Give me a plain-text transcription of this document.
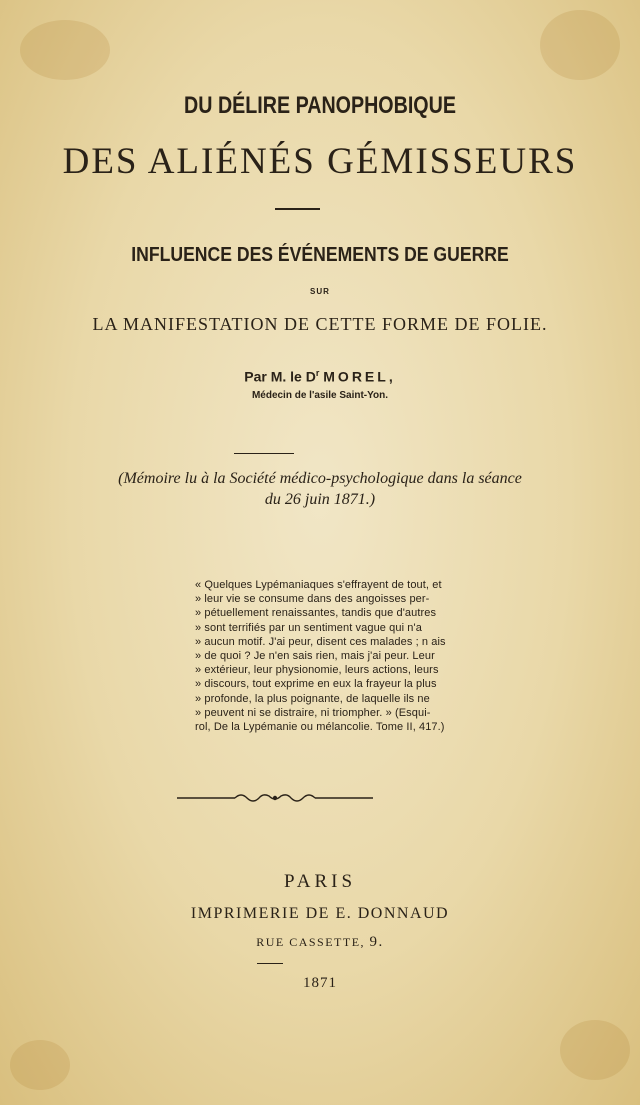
DU DÉLIRE PANOPHOBIQUE
DES ALIÉNÉS GÉMISSEURS
INFLUENCE DES ÉVÉNEMENTS DE GUERRE
SUR
LA MANIFESTATION DE CETTE FORME DE FOLIE.
Par M. le $D^r$ MOREL,
Médecin de l'asile Saint-Yon.
(Mémoire lu à la Société médico-psychologique dans la séance
du 26 juin 1871.)
« Quelques Lypémaniaques s'effrayent de tout, et
» leur vie se consume dans des angoisses per-
» pétuellement renaissantes, tandis que d'autres
» sont terrifiés par un sentiment vague qui n'a
» aucun motif. J'ai peur, disent ces malades ; n ais
» de quoi ? Je n'en sais rien, mais j'ai peur. Leur
» extérieur, leur physionomie, leurs actions, leurs
» discours, tout exprime en eux la frayeur la plus
» profonde, la plus poignante, de laquelle ils ne
» peuvent ni se distraire, ni triompher. » (Esqui-
rol, De la Lypémanie ou mélancolie. Tome II, 417.)
PARIS
IMPRIMERIE DE E. DONNAUD
RUE CASSETTE, 9.
1871
